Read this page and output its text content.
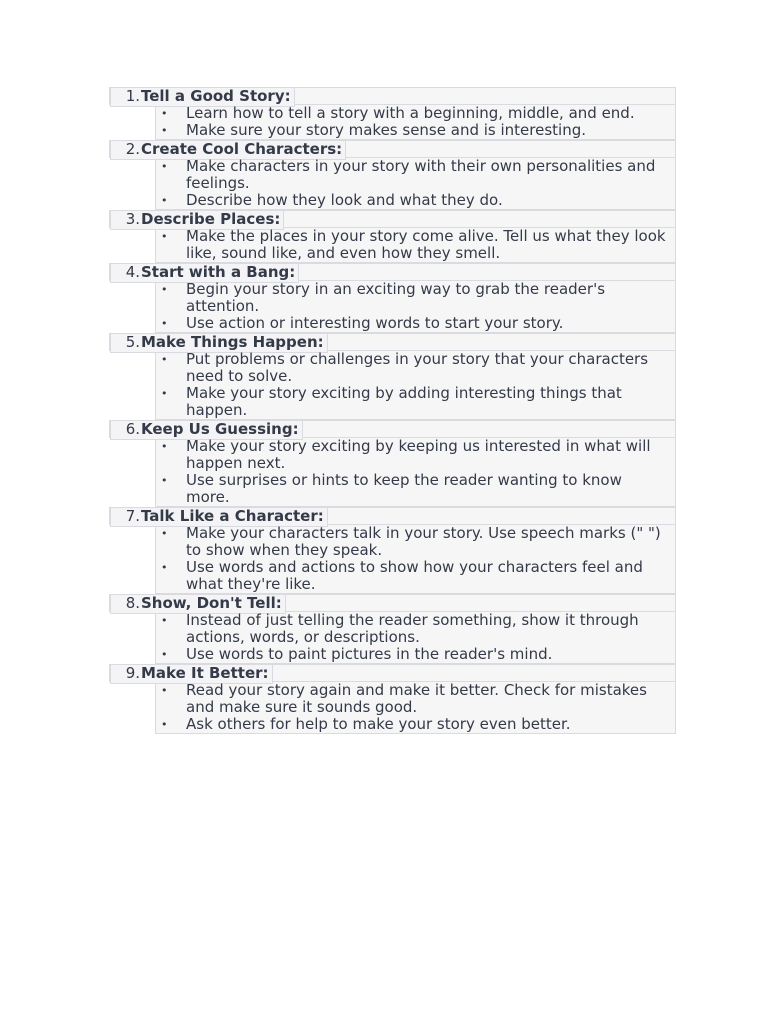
1.Tell a Good Story:
• Learn how to tell a story with a beginning, middle, and end.
• Make sure your story makes sense and is interesting.
2.Create Cool Characters:
• Make characters in your story with their own personalities and feelings.
• Describe how they look and what they do.
3.Describe Places:
• Make the places in your story come alive. Tell us what they look like, sound like, and even how they smell.
4.Start with a Bang:
• Begin your story in an exciting way to grab the reader's attention.
• Use action or interesting words to start your story.
5.Make Things Happen:
• Put problems or challenges in your story that your characters need to solve.
• Make your story exciting by adding interesting things that happen.
6.Keep Us Guessing:
• Make your story exciting by keeping us interested in what will happen next.
• Use surprises or hints to keep the reader wanting to know more.
7.Talk Like a Character:
• Make your characters talk in your story. Use speech marks (" ") to show when they speak.
• Use words and actions to show how your characters feel and what they're like.
8.Show, Don't Tell:
• Instead of just telling the reader something, show it through actions, words, or descriptions.
• Use words to paint pictures in the reader's mind.
9.Make It Better:
• Read your story again and make it better. Check for mistakes and make sure it sounds good.
• Ask others for help to make your story even better.
